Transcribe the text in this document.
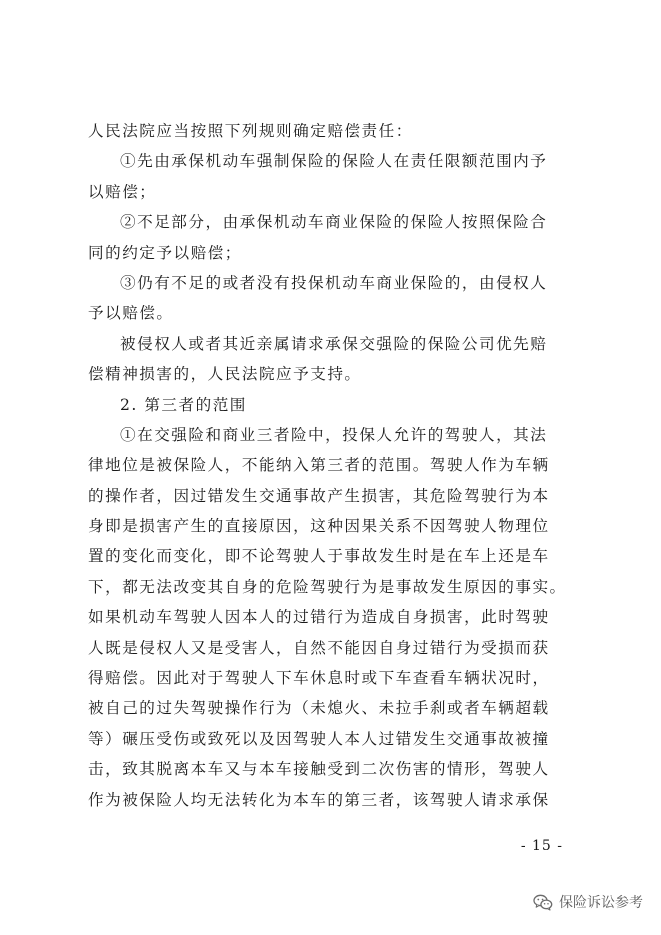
人民法院应当按照下列规则确定赔偿责任：
①先由承保机动车强制保险的保险人在责任限额范围内予
以赔偿；
②不足部分，由承保机动车商业保险的保险人按照保险合
同的约定予以赔偿；
③仍有不足的或者没有投保机动车商业保险的，由侵权人
予以赔偿。
被侵权人或者其近亲属请求承保交强险的保险公司优先赔
偿精神损害的，人民法院应予支持。
2. 第三者的范围
①在交强险和商业三者险中，投保人允许的驾驶人，其法
律地位是被保险人，不能纳入第三者的范围。驾驶人作为车辆
的操作者，因过错发生交通事故产生损害，其危险驾驶行为本
身即是损害产生的直接原因，这种因果关系不因驾驶人物理位
置的变化而变化，即不论驾驶人于事故发生时是在车上还是车
下，都无法改变其自身的危险驾驶行为是事故发生原因的事实。
如果机动车驾驶人因本人的过错行为造成自身损害，此时驾驶
人既是侵权人又是受害人，自然不能因自身过错行为受损而获
得赔偿。因此对于驾驶人下车休息时或下车查看车辆状况时，
被自己的过失驾驶操作行为（未熄火、未拉手刹或者车辆超载
等）碾压受伤或致死以及因驾驶人本人过错发生交通事故被撞
击，致其脱离本车又与本车接触受到二次伤害的情形，驾驶人
作为被保险人均无法转化为本车的第三者，该驾驶人请求承保
- 15 -
保险诉讼参考
